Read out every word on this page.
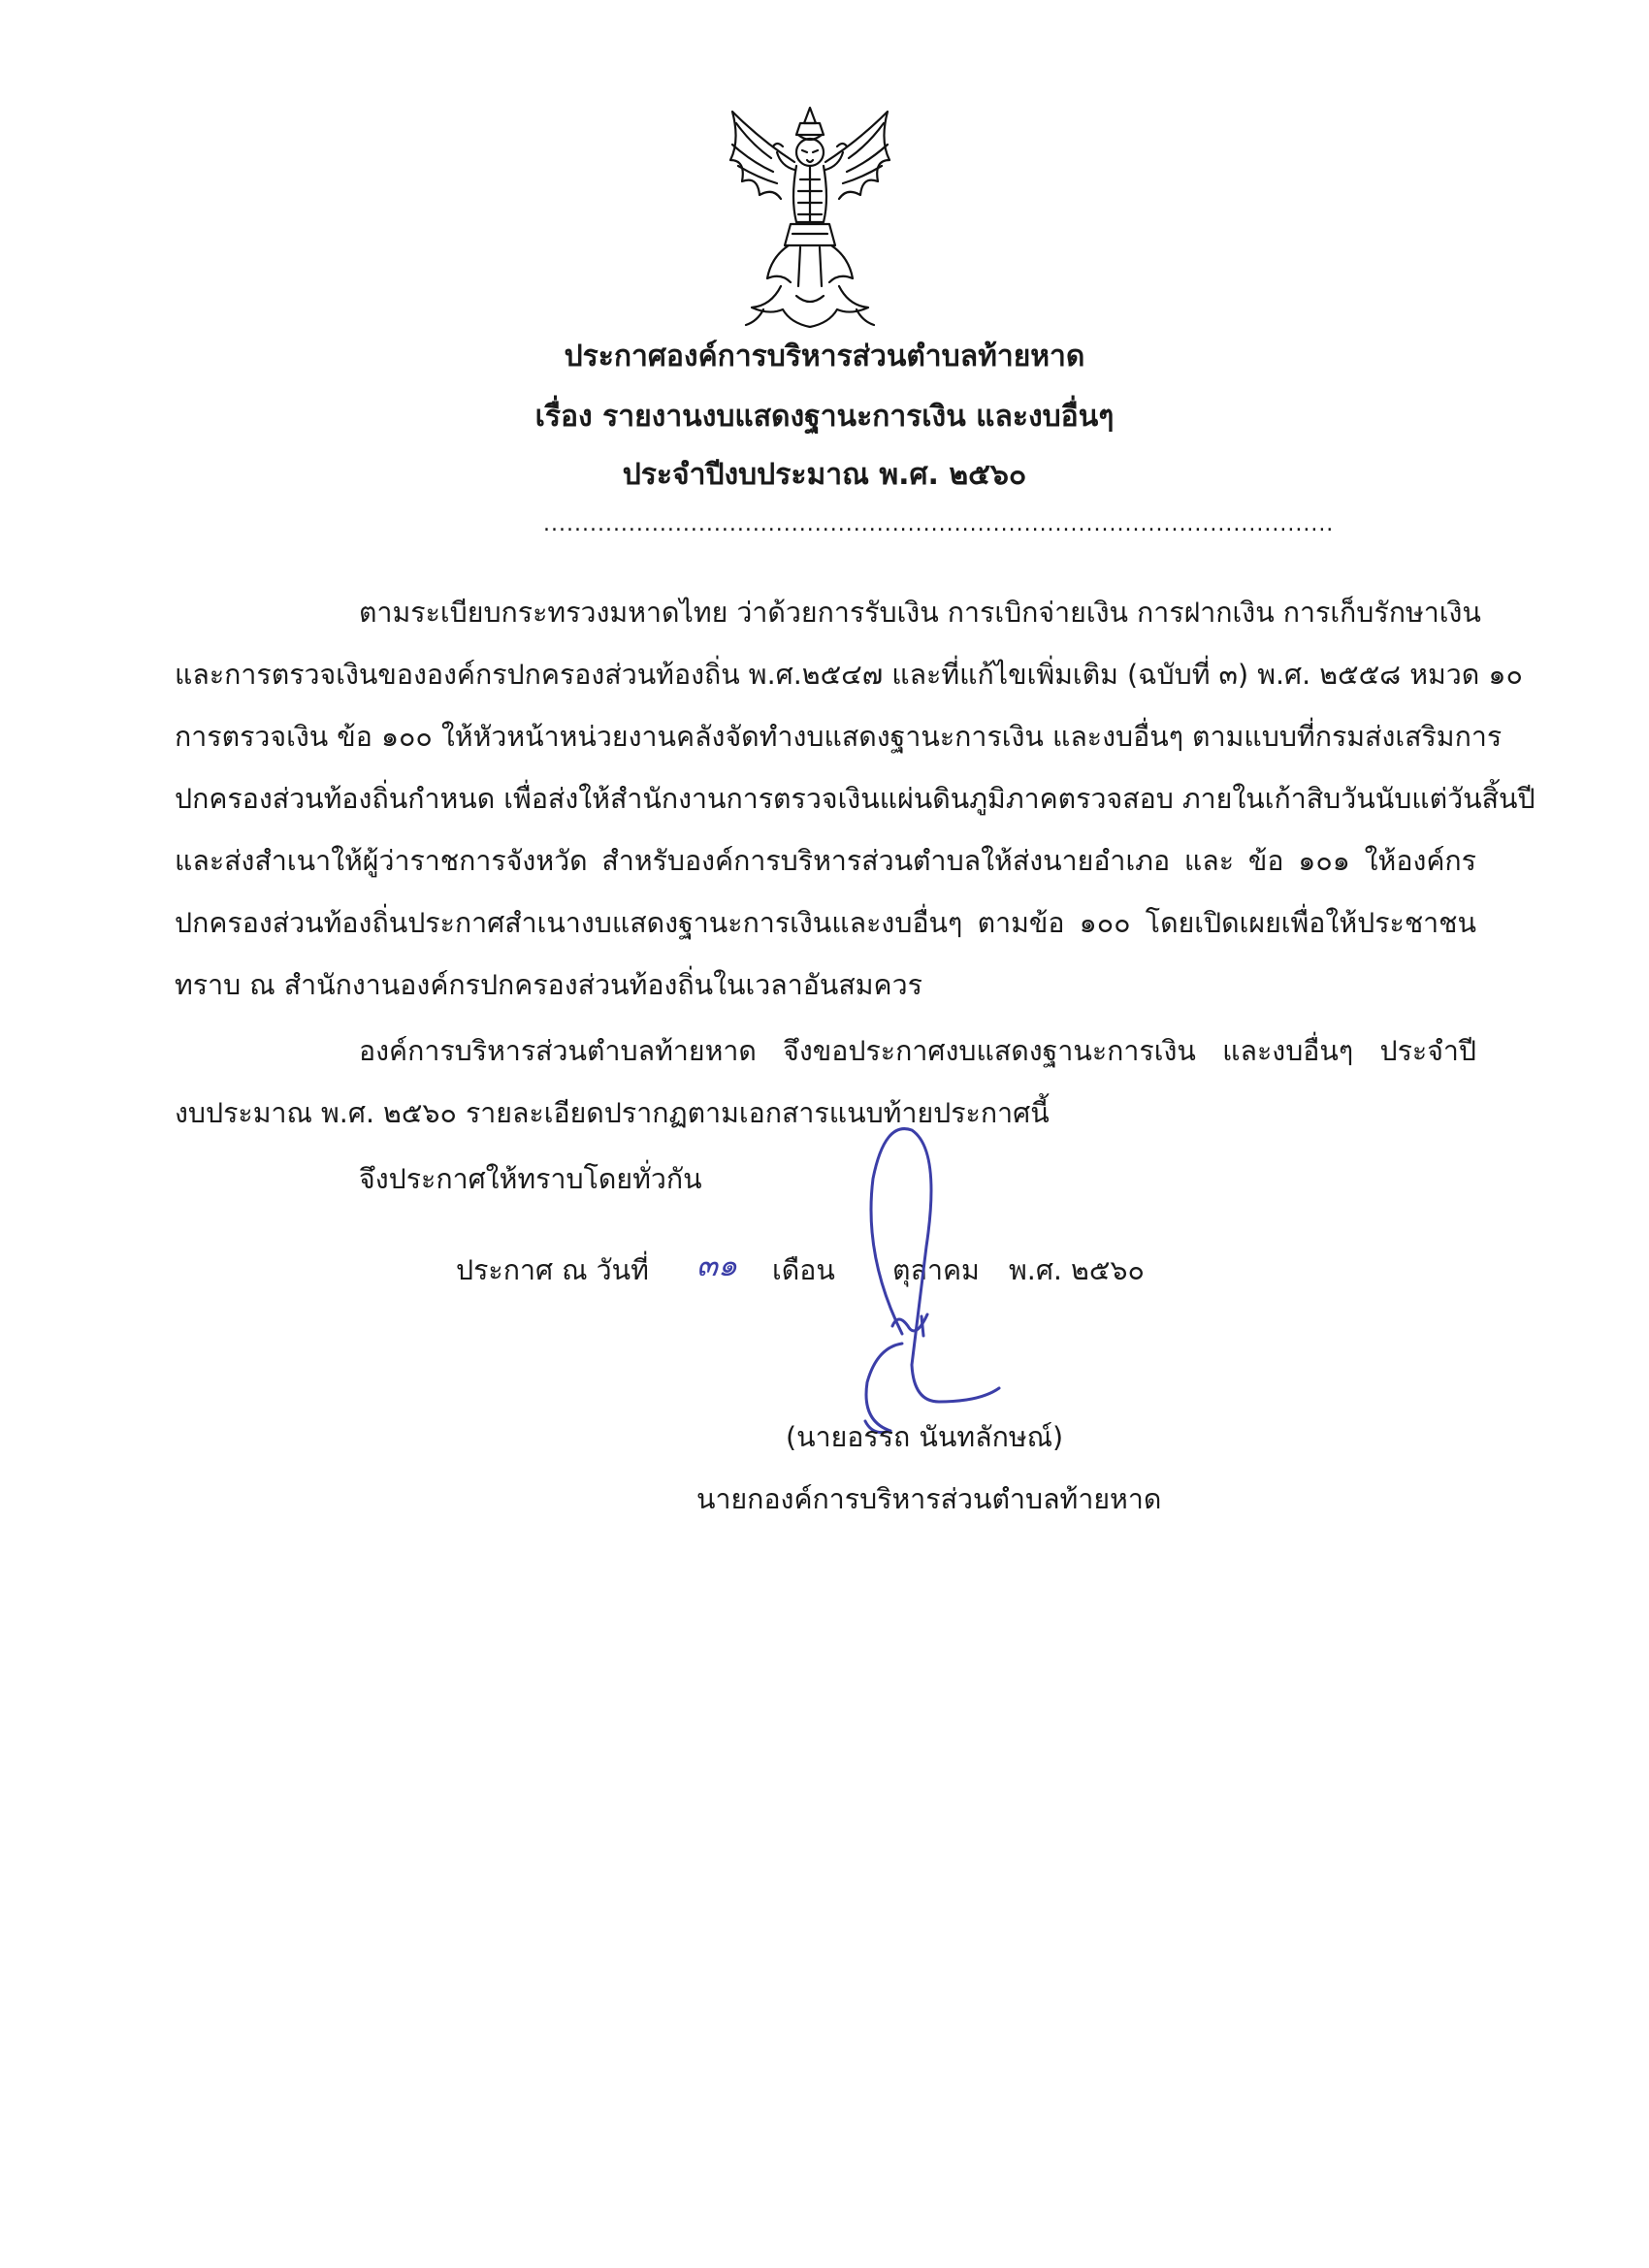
ประกาศองค์การบริหารส่วนตำบลท้ายหาด
เรื่อง รายงานงบแสดงฐานะการเงิน และงบอื่นๆ
ประจำปีงบประมาณ พ.ศ. ๒๕๖๐
......................................................................................................
ตามระเบียบกระทรวงมหาดไทย ว่าด้วยการรับเงิน การเบิกจ่ายเงิน การฝากเงิน การเก็บรักษาเงิน
และการตรวจเงินขององค์กรปกครองส่วนท้องถิ่น พ.ศ.๒๕๔๗ และที่แก้ไขเพิ่มเติม (ฉบับที่ ๓) พ.ศ. ๒๕๕๘ หมวด ๑๐
การตรวจเงิน ข้อ ๑๐๐ ให้หัวหน้าหน่วยงานคลังจัดทำงบแสดงฐานะการเงิน และงบอื่นๆ ตามแบบที่กรมส่งเสริมการ
ปกครองส่วนท้องถิ่นกำหนด เพื่อส่งให้สำนักงานการตรวจเงินแผ่นดินภูมิภาคตรวจสอบ ภายในเก้าสิบวันนับแต่วันสิ้นปี
และส่งสำเนาให้ผู้ว่าราชการจังหวัด สำหรับองค์การบริหารส่วนตำบลให้ส่งนายอำเภอ และ ข้อ ๑๐๑ ให้องค์กร
ปกครองส่วนท้องถิ่นประกาศสำเนางบแสดงฐานะการเงินและงบอื่นๆ ตามข้อ ๑๐๐ โดยเปิดเผยเพื่อให้ประชาชน
ทราบ ณ สำนักงานองค์กรปกครองส่วนท้องถิ่นในเวลาอันสมควร
องค์การบริหารส่วนตำบลท้ายหาด จึงขอประกาศงบแสดงฐานะการเงิน และงบอื่นๆ ประจำปี
งบประมาณ พ.ศ. ๒๕๖๐ รายละเอียดปรากฏตามเอกสารแนบท้ายประกาศนี้
จึงประกาศให้ทราบโดยทั่วกัน
ประกาศ ณ วันที่ ๓๑ เดือน ตุลาคม พ.ศ. ๒๕๖๐
(นายอรรถ นันทลักษณ์)
นายกองค์การบริหารส่วนตำบลท้ายหาด
